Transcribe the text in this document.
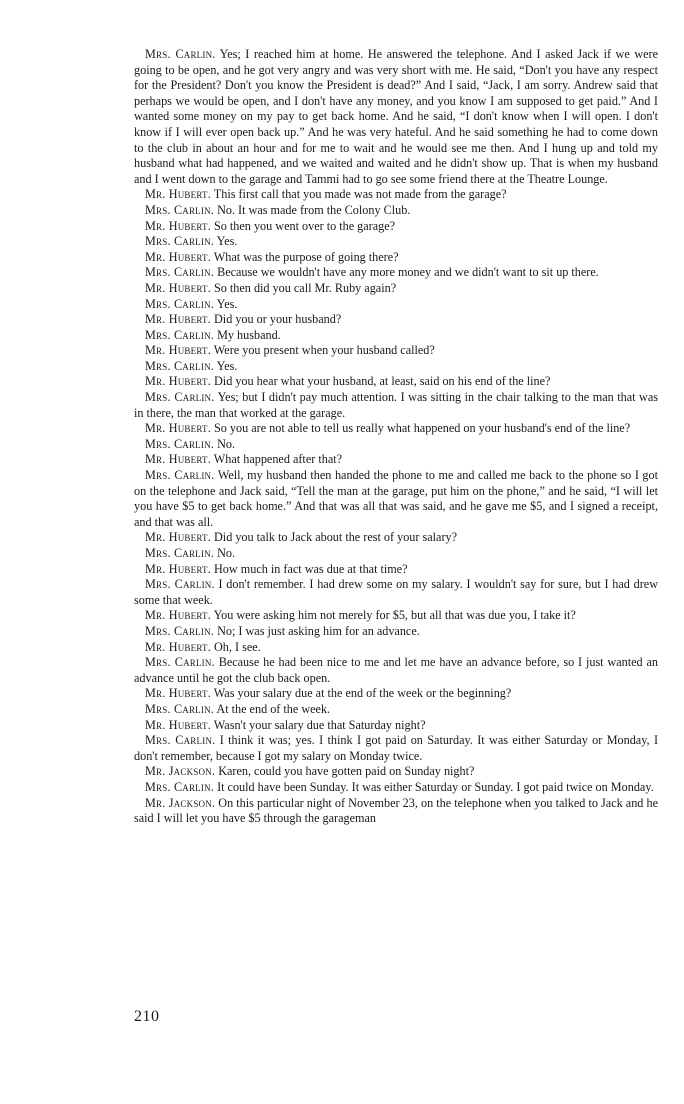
Mrs. Carlin. Yes; I reached him at home. He answered the telephone. And I asked Jack if we were going to be open, and he got very angry and was very short with me. He said, “Don't you have any respect for the President? Don't you know the President is dead?” And I said, “Jack, I am sorry. Andrew said that perhaps we would be open, and I don't have any money, and you know I am supposed to get paid.” And I wanted some money on my pay to get back home. And he said, “I don't know when I will open. I don't know if I will ever open back up.” And he was very hateful. And he said something he had to come down to the club in about an hour and for me to wait and he would see me then. And I hung up and told my husband what had happened, and we waited and waited and he didn't show up. That is when my husband and I went down to the garage and Tammi had to go see some friend there at the Theatre Lounge.

Mr. Hubert. This first call that you made was not made from the garage?

Mrs. Carlin. No. It was made from the Colony Club.

Mr. Hubert. So then you went over to the garage?

Mrs. Carlin. Yes.

Mr. Hubert. What was the purpose of going there?

Mrs. Carlin. Because we wouldn't have any more money and we didn't want to sit up there.

Mr. Hubert. So then did you call Mr. Ruby again?

Mrs. Carlin. Yes.

Mr. Hubert. Did you or your husband?

Mrs. Carlin. My husband.

Mr. Hubert. Were you present when your husband called?

Mrs. Carlin. Yes.

Mr. Hubert. Did you hear what your husband, at least, said on his end of the line?

Mrs. Carlin. Yes; but I didn't pay much attention. I was sitting in the chair talking to the man that was in there, the man that worked at the garage.

Mr. Hubert. So you are not able to tell us really what happened on your husband's end of the line?

Mrs. Carlin. No.

Mr. Hubert. What happened after that?

Mrs. Carlin. Well, my husband then handed the phone to me and called me back to the phone so I got on the telephone and Jack said, “Tell the man at the garage, put him on the phone,” and he said, “I will let you have $5 to get back home.” And that was all that was said, and he gave me $5, and I signed a receipt, and that was all.

Mr. Hubert. Did you talk to Jack about the rest of your salary?

Mrs. Carlin. No.

Mr. Hubert. How much in fact was due at that time?

Mrs. Carlin. I don't remember. I had drew some on my salary. I wouldn't say for sure, but I had drew some that week.

Mr. Hubert. You were asking him not merely for $5, but all that was due you, I take it?

Mrs. Carlin. No; I was just asking him for an advance.

Mr. Hubert. Oh, I see.

Mrs. Carlin. Because he had been nice to me and let me have an advance before, so I just wanted an advance until he got the club back open.

Mr. Hubert. Was your salary due at the end of the week or the beginning?

Mrs. Carlin. At the end of the week.

Mr. Hubert. Wasn't your salary due that Saturday night?

Mrs. Carlin. I think it was; yes. I think I got paid on Saturday. It was either Saturday or Monday, I don't remember, because I got my salary on Monday twice.

Mr. Jackson. Karen, could you have gotten paid on Sunday night?

Mrs. Carlin. It could have been Sunday. It was either Saturday or Sunday. I got paid twice on Monday.

Mr. Jackson. On this particular night of November 23, on the telephone when you talked to Jack and he said I will let you have $5 through the garageman

210
